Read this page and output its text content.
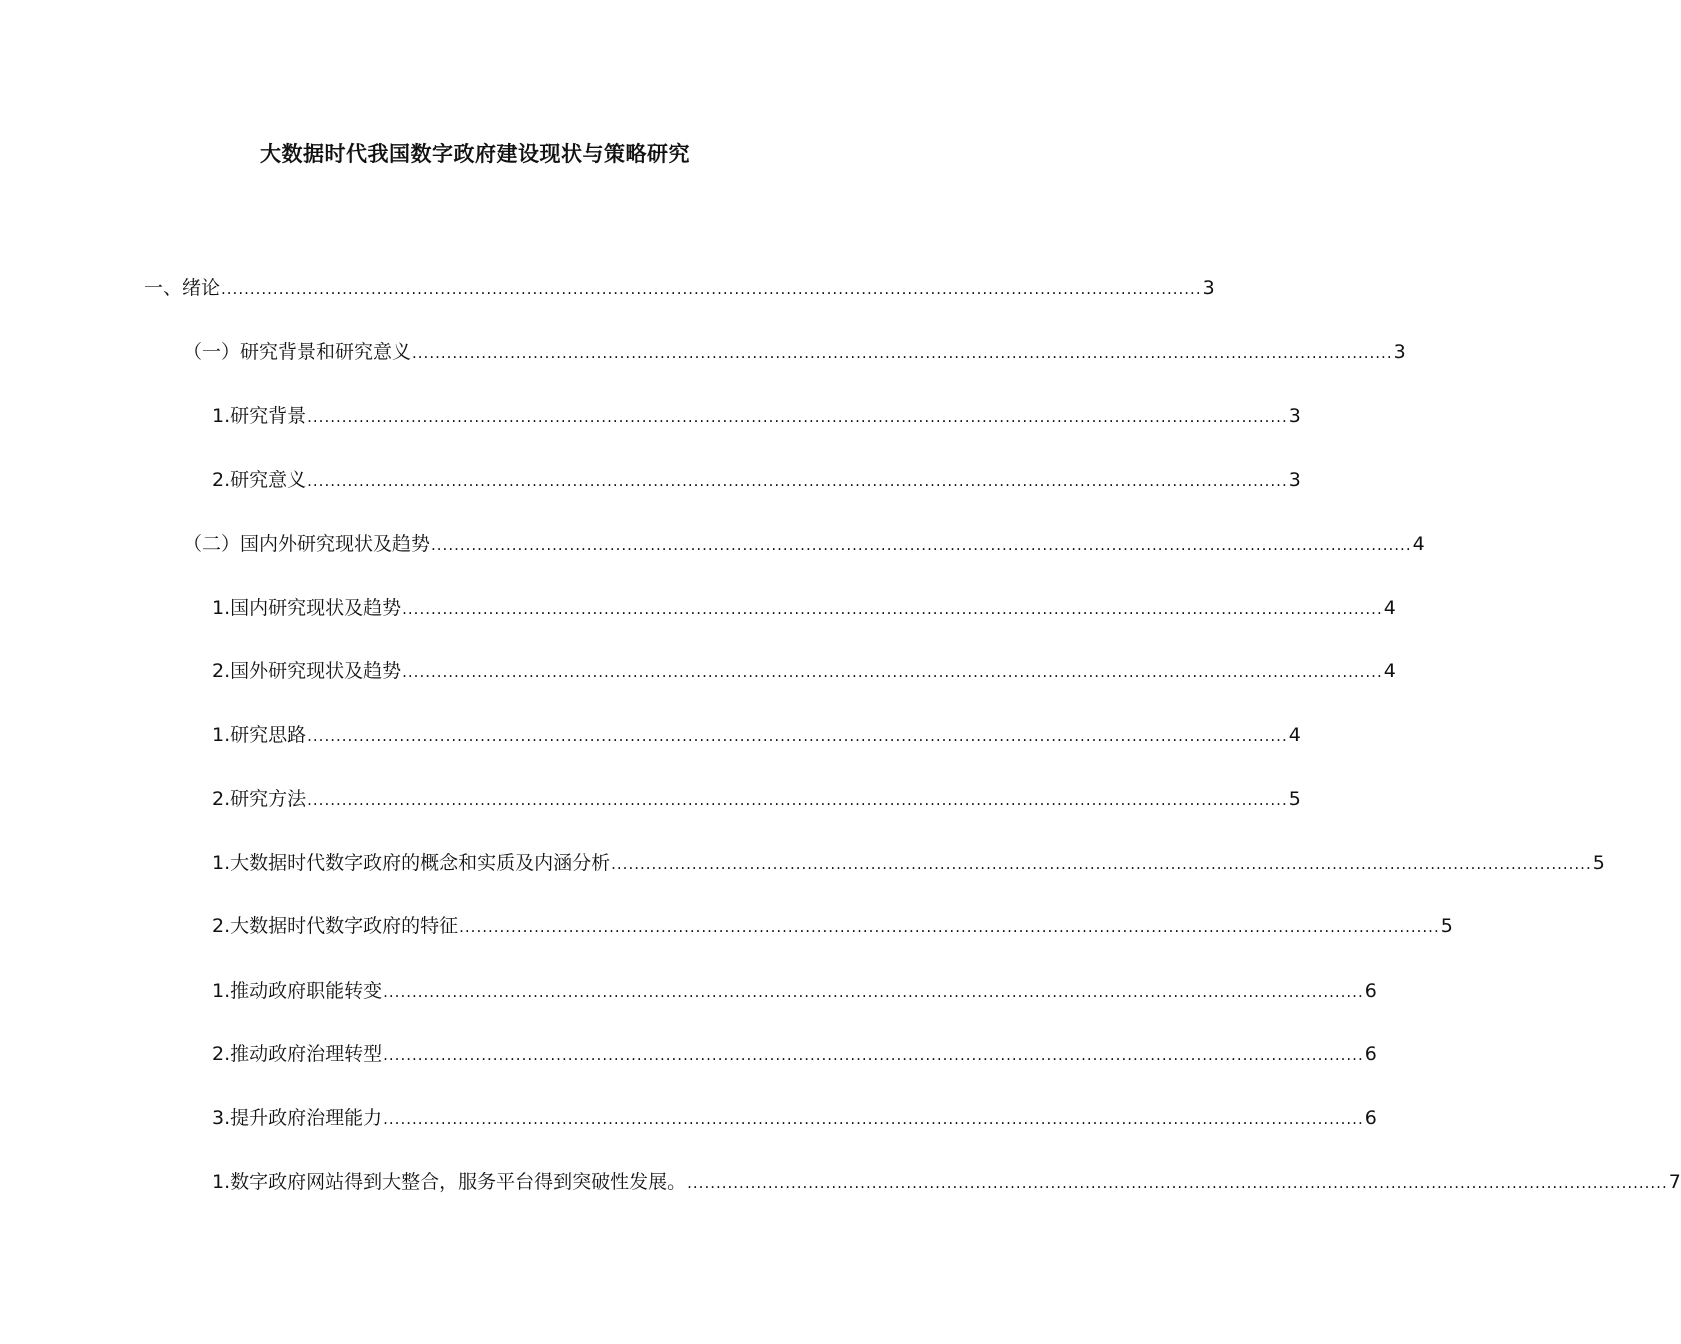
大数据时代我国数字政府建设现状与策略研究
一、绪论 .......................................................................................................................................................................... 3
（一）研究背景和研究意义 .......................................................................................................................................................................... 3
1.研究背景 .......................................................................................................................................................................... 3
2.研究意义 .......................................................................................................................................................................... 3
（二）国内外研究现状及趋势 .......................................................................................................................................................................... 4
1.国内研究现状及趋势 .......................................................................................................................................................................... 4
2.国外研究现状及趋势 .......................................................................................................................................................................... 4
1.研究思路 .......................................................................................................................................................................... 4
2.研究方法 .......................................................................................................................................................................... 5
1.大数据时代数字政府的概念和实质及内涵分析 .......................................................................................................................................................................... 5
2.大数据时代数字政府的特征 .......................................................................................................................................................................... 5
1.推动政府职能转变 .......................................................................................................................................................................... 6
2.推动政府治理转型 .......................................................................................................................................................................... 6
3.提升政府治理能力 .......................................................................................................................................................................... 6
1.数字政府网站得到大整合，服务平台得到突破性发展。 .......................................................................................................................................................................... 7
